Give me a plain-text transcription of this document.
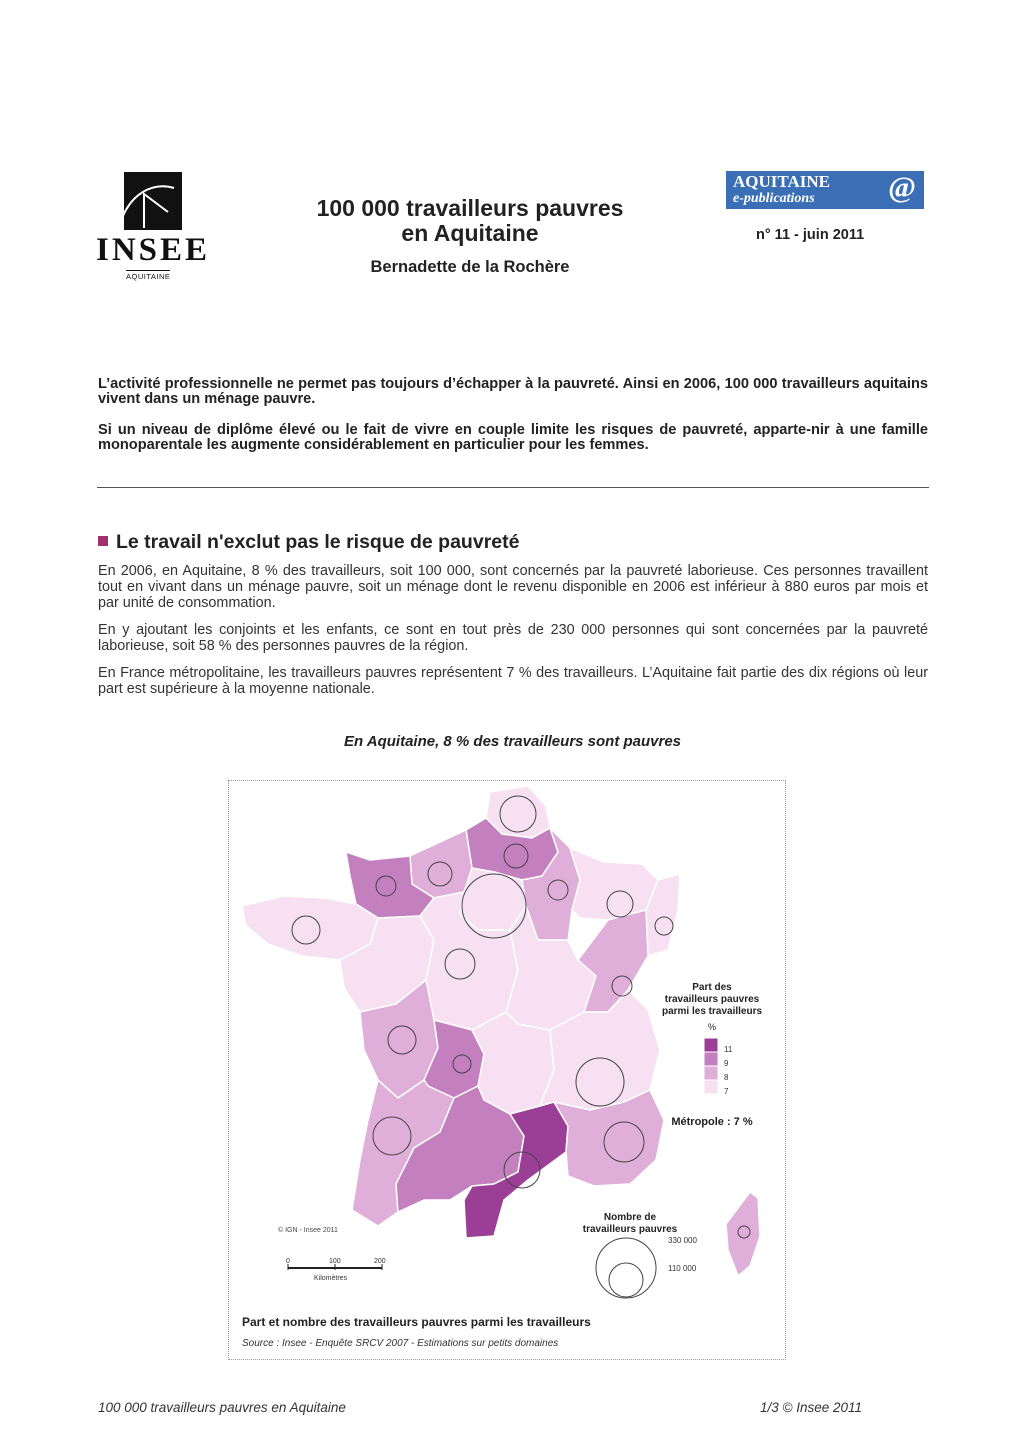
INSEE
AQUITAINE
100 000 travailleurs pauvres
en Aquitaine
Bernadette de la Rochère
AQUITAINE
e-publications @
n° 11 - juin 2011
L’activité professionnelle ne permet pas toujours d’échapper à la pauvreté. Ainsi en 2006, 100 000 travailleurs aquitains vivent dans un ménage pauvre.
Si un niveau de diplôme élevé ou le fait de vivre en couple limite les risques de pauvreté, apparte-nir à une famille monoparentale les augmente considérablement en particulier pour les femmes.
Le travail n'exclut pas le risque de pauvreté
En 2006, en Aquitaine, 8 % des travailleurs, soit 100 000, sont concernés par la pauvreté laborieuse. Ces personnes travaillent tout en vivant dans un ménage pauvre, soit un ménage dont le revenu disponible en 2006 est inférieur à 880 euros par mois et par unité de consommation.
En y ajoutant les conjoints et les enfants, ce sont en tout près de 230 000 personnes qui sont concernées par la pauvreté laborieuse, soit 58 % des personnes pauvres de la région.
En France métropolitaine, les travailleurs pauvres représentent 7 % des travailleurs. L’Aquitaine fait partie des dix régions où leur part est supérieure à la moyenne nationale.
En Aquitaine, 8 % des travailleurs sont pauvres
Part des
travailleurs pauvres
parmi les travailleurs
%
11
9
8
7
Métropole : 7 %
Nombre de
travailleurs pauvres
330 000
110 000
© IGN - Insee 2011
0	100	200
Kilomètres
Part et nombre des travailleurs pauvres parmi les travailleurs
Source : Insee - Enquête SRCV 2007 - Estimations sur petits domaines
100 000 travailleurs pauvres en Aquitaine	1/3 © Insee 2011
